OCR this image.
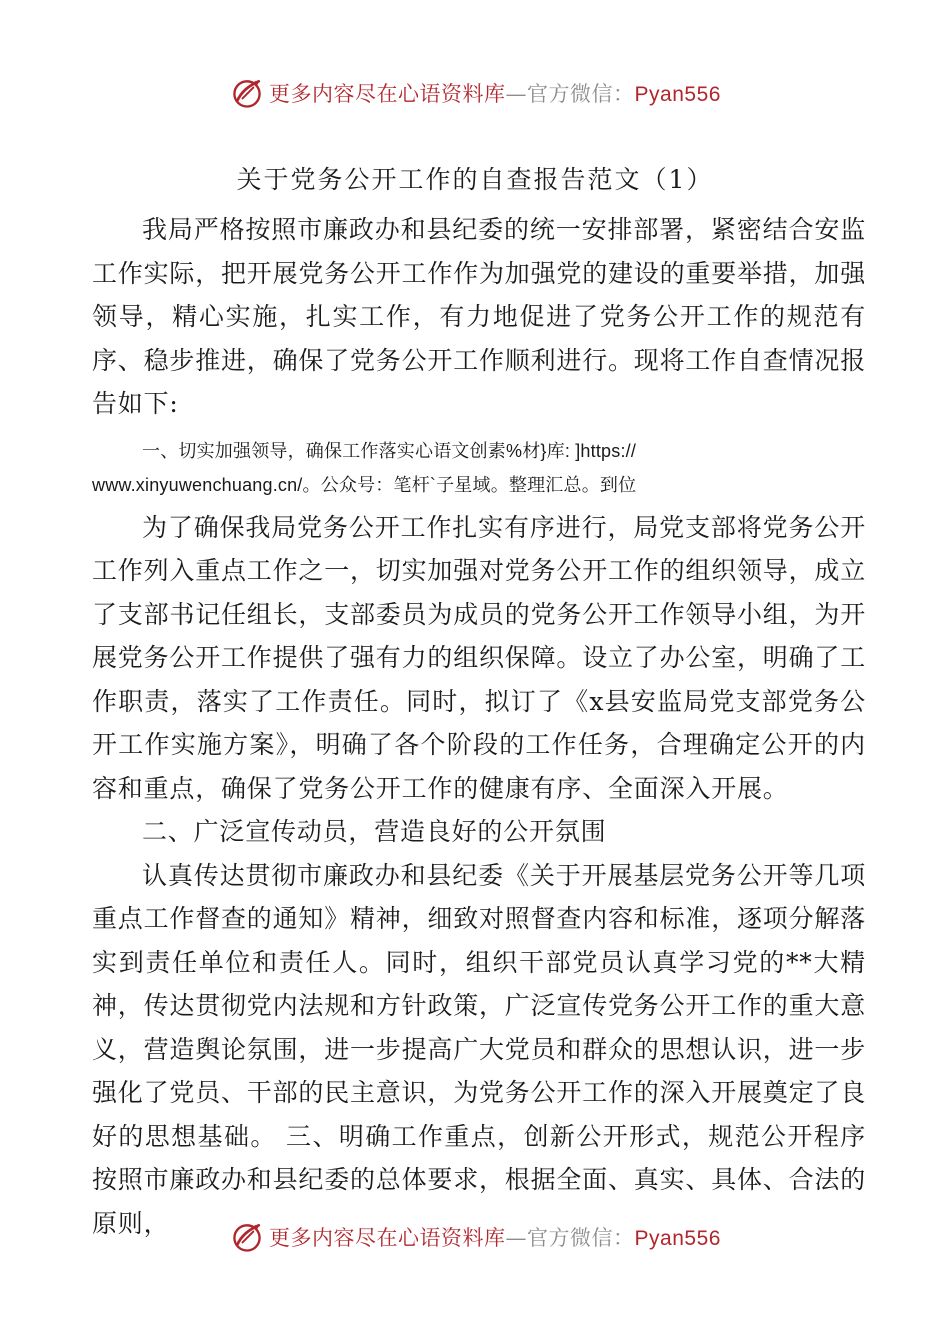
更多内容尽在心语资料库—官方微信：Pyan556
关于党务公开工作的自查报告范文（1）

我局严格按照市廉政办和县纪委的统一安排部署，紧密结合安监工作实际，把开展党务公开工作作为加强党的建设的重要举措，加强领导，精心实施，扎实工作，有力地促进了党务公开工作的规范有序、稳步推进，确保了党务公开工作顺利进行。现将工作自查情况报告如下:

一、切实加强领导，确保工作落实心语文创素%材}库: ]https:// www.xinyuwenchuang.cn/。公众号：笔杆`子星域。整理汇总。到位

为了确保我局党务公开工作扎实有序进行，局党支部将党务公开工作列入重点工作之一，切实加强对党务公开工作的组织领导，成立了支部书记任组长，支部委员为成员的党务公开工作领导小组，为开展党务公开工作提供了强有力的组织保障。设立了办公室，明确了工作职责，落实了工作责任。同时，拟订了《x县安监局党支部党务公开工作实施方案》，明确了各个阶段的工作任务，合理确定公开的内容和重点，确保了党务公开工作的健康有序、全面深入开展。

二、广泛宣传动员，营造良好的公开氛围

认真传达贯彻市廉政办和县纪委《关于开展基层党务公开等几项重点工作督查的通知》精神，细致对照督查内容和标准，逐项分解落实到责任单位和责任人。同时，组织干部党员认真学习党的**大精神，传达贯彻党内法规和方针政策，广泛宣传党务公开工作的重大意义，营造舆论氛围，进一步提高广大党员和群众的思想认识，进一步强化了党员、干部的民主意识，为党务公开工作的深入开展奠定了良好的思想基础。 三、明确工作重点，创新公开形式，规范公开程序 按照市廉政办和县纪委的总体要求，根据全面、真实、具体、合法的原则，

更多内容尽在心语资料库—官方微信：Pyan556
